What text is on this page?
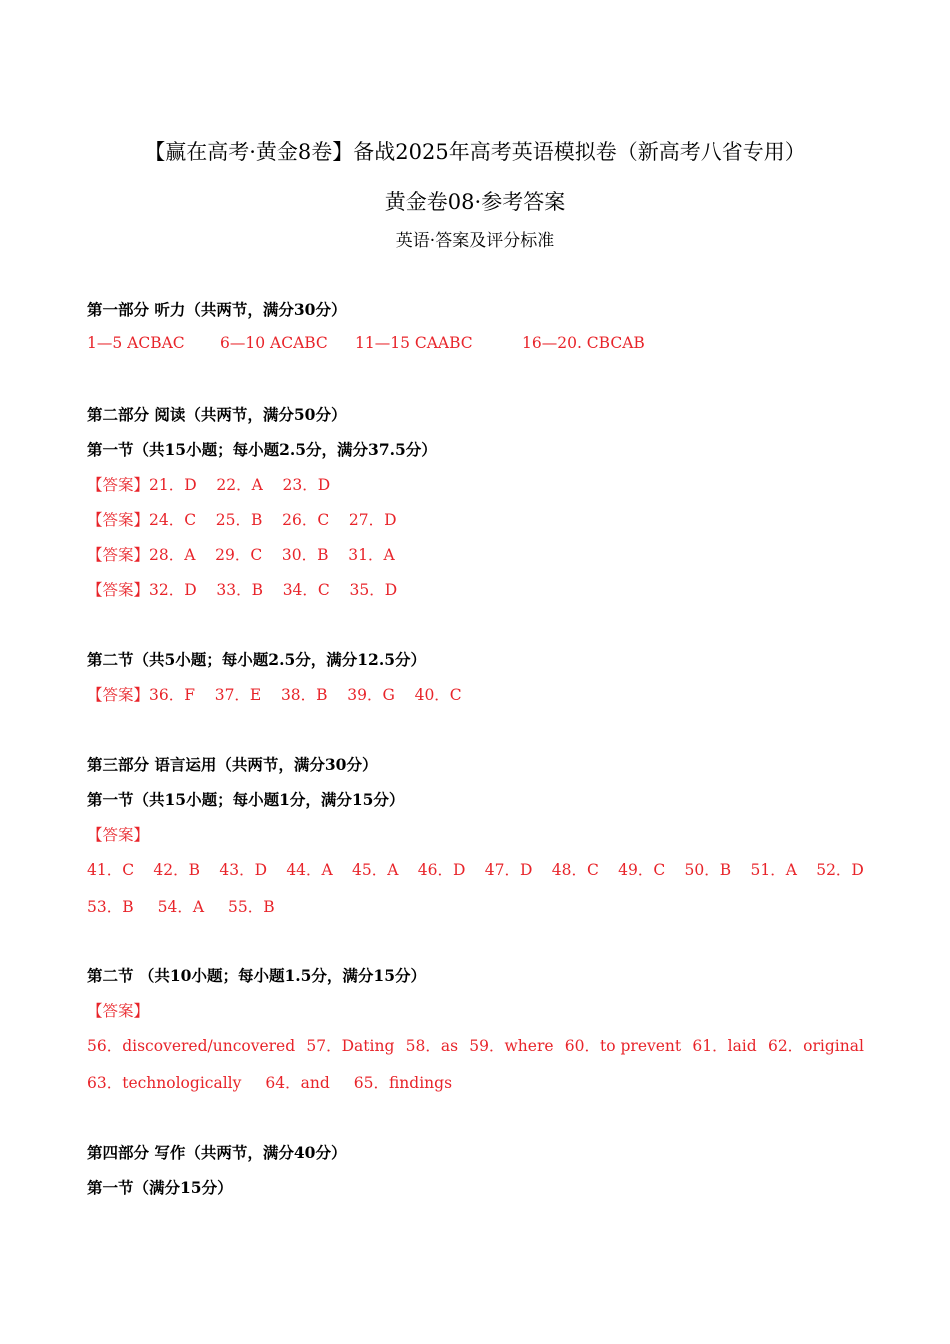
【赢在高考·黄金8卷】备战2025年高考英语模拟卷（新高考八省专用）
黄金卷08·参考答案
英语·答案及评分标准
第一部分 听力（共两节，满分30分）
1—5 ACBAC 6—10 ACABC 11—15 CAABC	16—20. CBCAB
第二部分 阅读（共两节，满分50分）
第一节（共15小题；每小题2.5分，满分37.5分）
【答案】21．D    22．A    23．D
【答案】24．C    25．B    26．C    27．D
【答案】28．A    29．C    30．B    31．A
【答案】32．D    33．B    34．C    35．D
第二节（共5小题；每小题2.5分，满分12.5分）
【答案】36．F    37．E    38．B    39．G    40．C
第三部分 语言运用（共两节，满分30分）
第一节（共15小题；每小题1分，满分15分）
【答案】
41．C 42．B 43．D 44．A 45．A 46．D 47．D 48．C 49．C 50．B 51．A 52．D
53．B 54．A 55．B
第二节 （共10小题；每小题1.5分，满分15分）
【答案】
56．discovered/uncovered 57．Dating 58．as 59．where 60．to prevent 61．laid 62．original
63．technologically 64．and 65．findings
第四部分 写作（共两节，满分40分）
第一节（满分15分）
